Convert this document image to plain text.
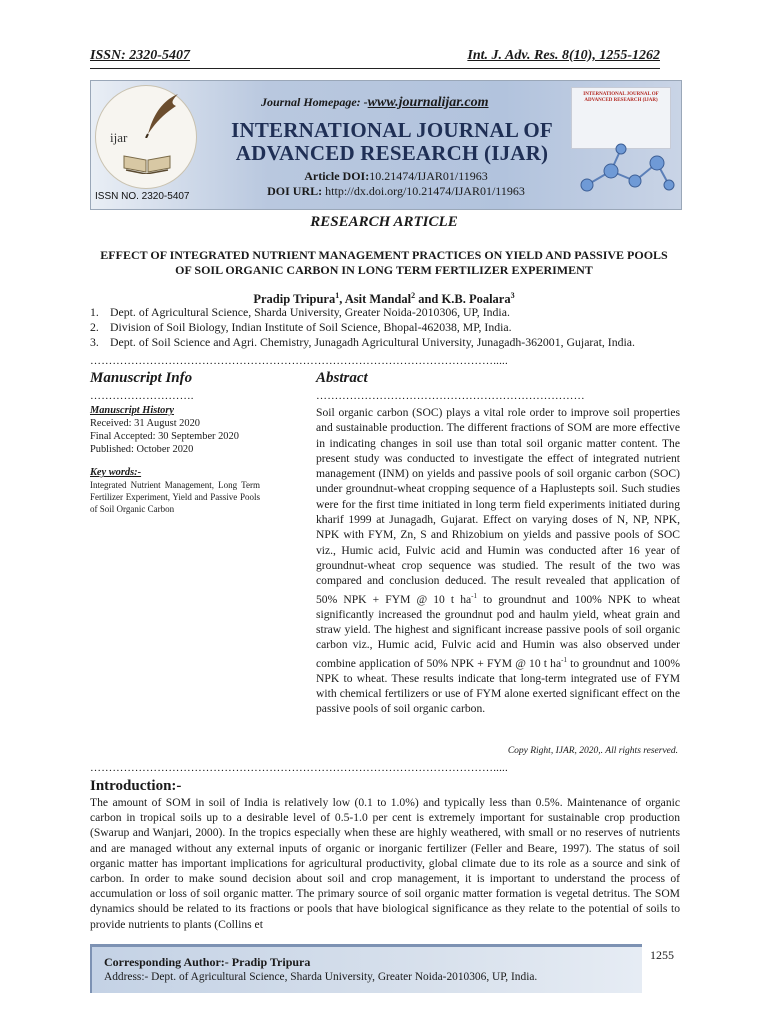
ISSN: 2320-5407	Int. J. Adv. Res. 8(10), 1255-1262
ijar
ISSN NO. 2320-5407
Journal Homepage: -www.journalijar.com
INTERNATIONAL JOURNAL OF
ADVANCED RESEARCH (IJAR)
Article DOI:10.21474/IJAR01/11963
DOI URL: http://dx.doi.org/10.21474/IJAR01/11963
INTERNATIONAL JOURNAL OF ADVANCED RESEARCH (IJAR)
RESEARCH ARTICLE
EFFECT OF INTEGRATED NUTRIENT MANAGEMENT PRACTICES ON YIELD AND PASSIVE POOLS OF SOIL ORGANIC CARBON IN LONG TERM FERTILIZER EXPERIMENT
Pradip Tripura$^1$, Asit Mandal$^2$ and K.B. Poalara$^3$
1. Dept. of Agricultural Science, Sharda University, Greater Noida-2010306, UP, India.
2. Division of Soil Biology, Indian Institute of Soil Science, Bhopal-462038, MP, India.
3. Dept. of Soil Science and Agri. Chemistry, Junagadh Agricultural University, Junagadh-362001, Gujarat, India.
……………………………………………………………………………………………….....
Manuscript Info	Abstract
……………………….	………………………………………………………………
Manuscript History
Received: 31 August 2020
Final Accepted: 30 September 2020
Published: October 2020
Key words:-
Integrated Nutrient Management, Long Term Fertilizer Experiment, Yield and Passive Pools of Soil Organic Carbon
Soil organic carbon (SOC) plays a vital role order to improve soil properties and sustainable production. The different fractions of SOM are more effective in indicating changes in soil use than total soil organic matter content. The present study was conducted to investigate the effect of integrated nutrient management (INM) on yields and passive pools of soil organic carbon (SOC) under groundnut-wheat cropping sequence of a Haplustepts soil. Such studies were for the first time initiated in long term field experiments initiated during kharif 1999 at Junagadh, Gujarat. Effect on varying doses of N, NP, NPK, NPK with FYM, Zn, S and Rhizobium on yields and passive pools of SOC viz., Humic acid, Fulvic acid and Humin was conducted after 16 year of groundnut-wheat crop sequence was studied. The result of the two was compared and conclusion deduced. The result revealed that application of 50% NPK + FYM @ 10 t $ha^{-1}$ to groundnut and 100% NPK to wheat significantly increased the groundnut pod and haulm yield, wheat grain and straw yield. The highest and significant increase passive pools of soil organic carbon viz., Humic acid, Fulvic acid and Humin was also observed under combine application of 50% NPK + FYM @ 10 t $ha^{-1}$ to groundnut and 100% NPK to wheat. These results indicate that long-term integrated use of FYM with chemical fertilizers or use of FYM alone exerted significant effect on the passive pools of soil organic carbon.
Copy Right, IJAR, 2020,. All rights reserved.
……………………………………………………………………………………………….....
Introduction:-
The amount of SOM in soil of India is relatively low (0.1 to 1.0%) and typically less than 0.5%. Maintenance of organic carbon in tropical soils up to a desirable level of 0.5-1.0 per cent is extremely important for sustainable crop production (Swarup and Wanjari, 2000). In the tropics especially when these are highly weathered, with small or no reserves of nutrients and are managed without any external inputs of organic or inorganic fertilizer (Feller and Beare, 1997). The status of soil organic matter has important implications for agricultural productivity, global climate due to its role as a source and sink of carbon. In order to make sound decision about soil and crop management, it is important to understand the process of accumulation or loss of soil organic matter. The primary source of soil organic matter formation is vegetal detritus. The SOM dynamics should be related to its fractions or pools that have biological significance as they relate to the potential of soils to provide nutrients to plants (Collins et
Corresponding Author:- Pradip Tripura
Address:- Dept. of Agricultural Science, Sharda University, Greater Noida-2010306, UP, India.
1255
